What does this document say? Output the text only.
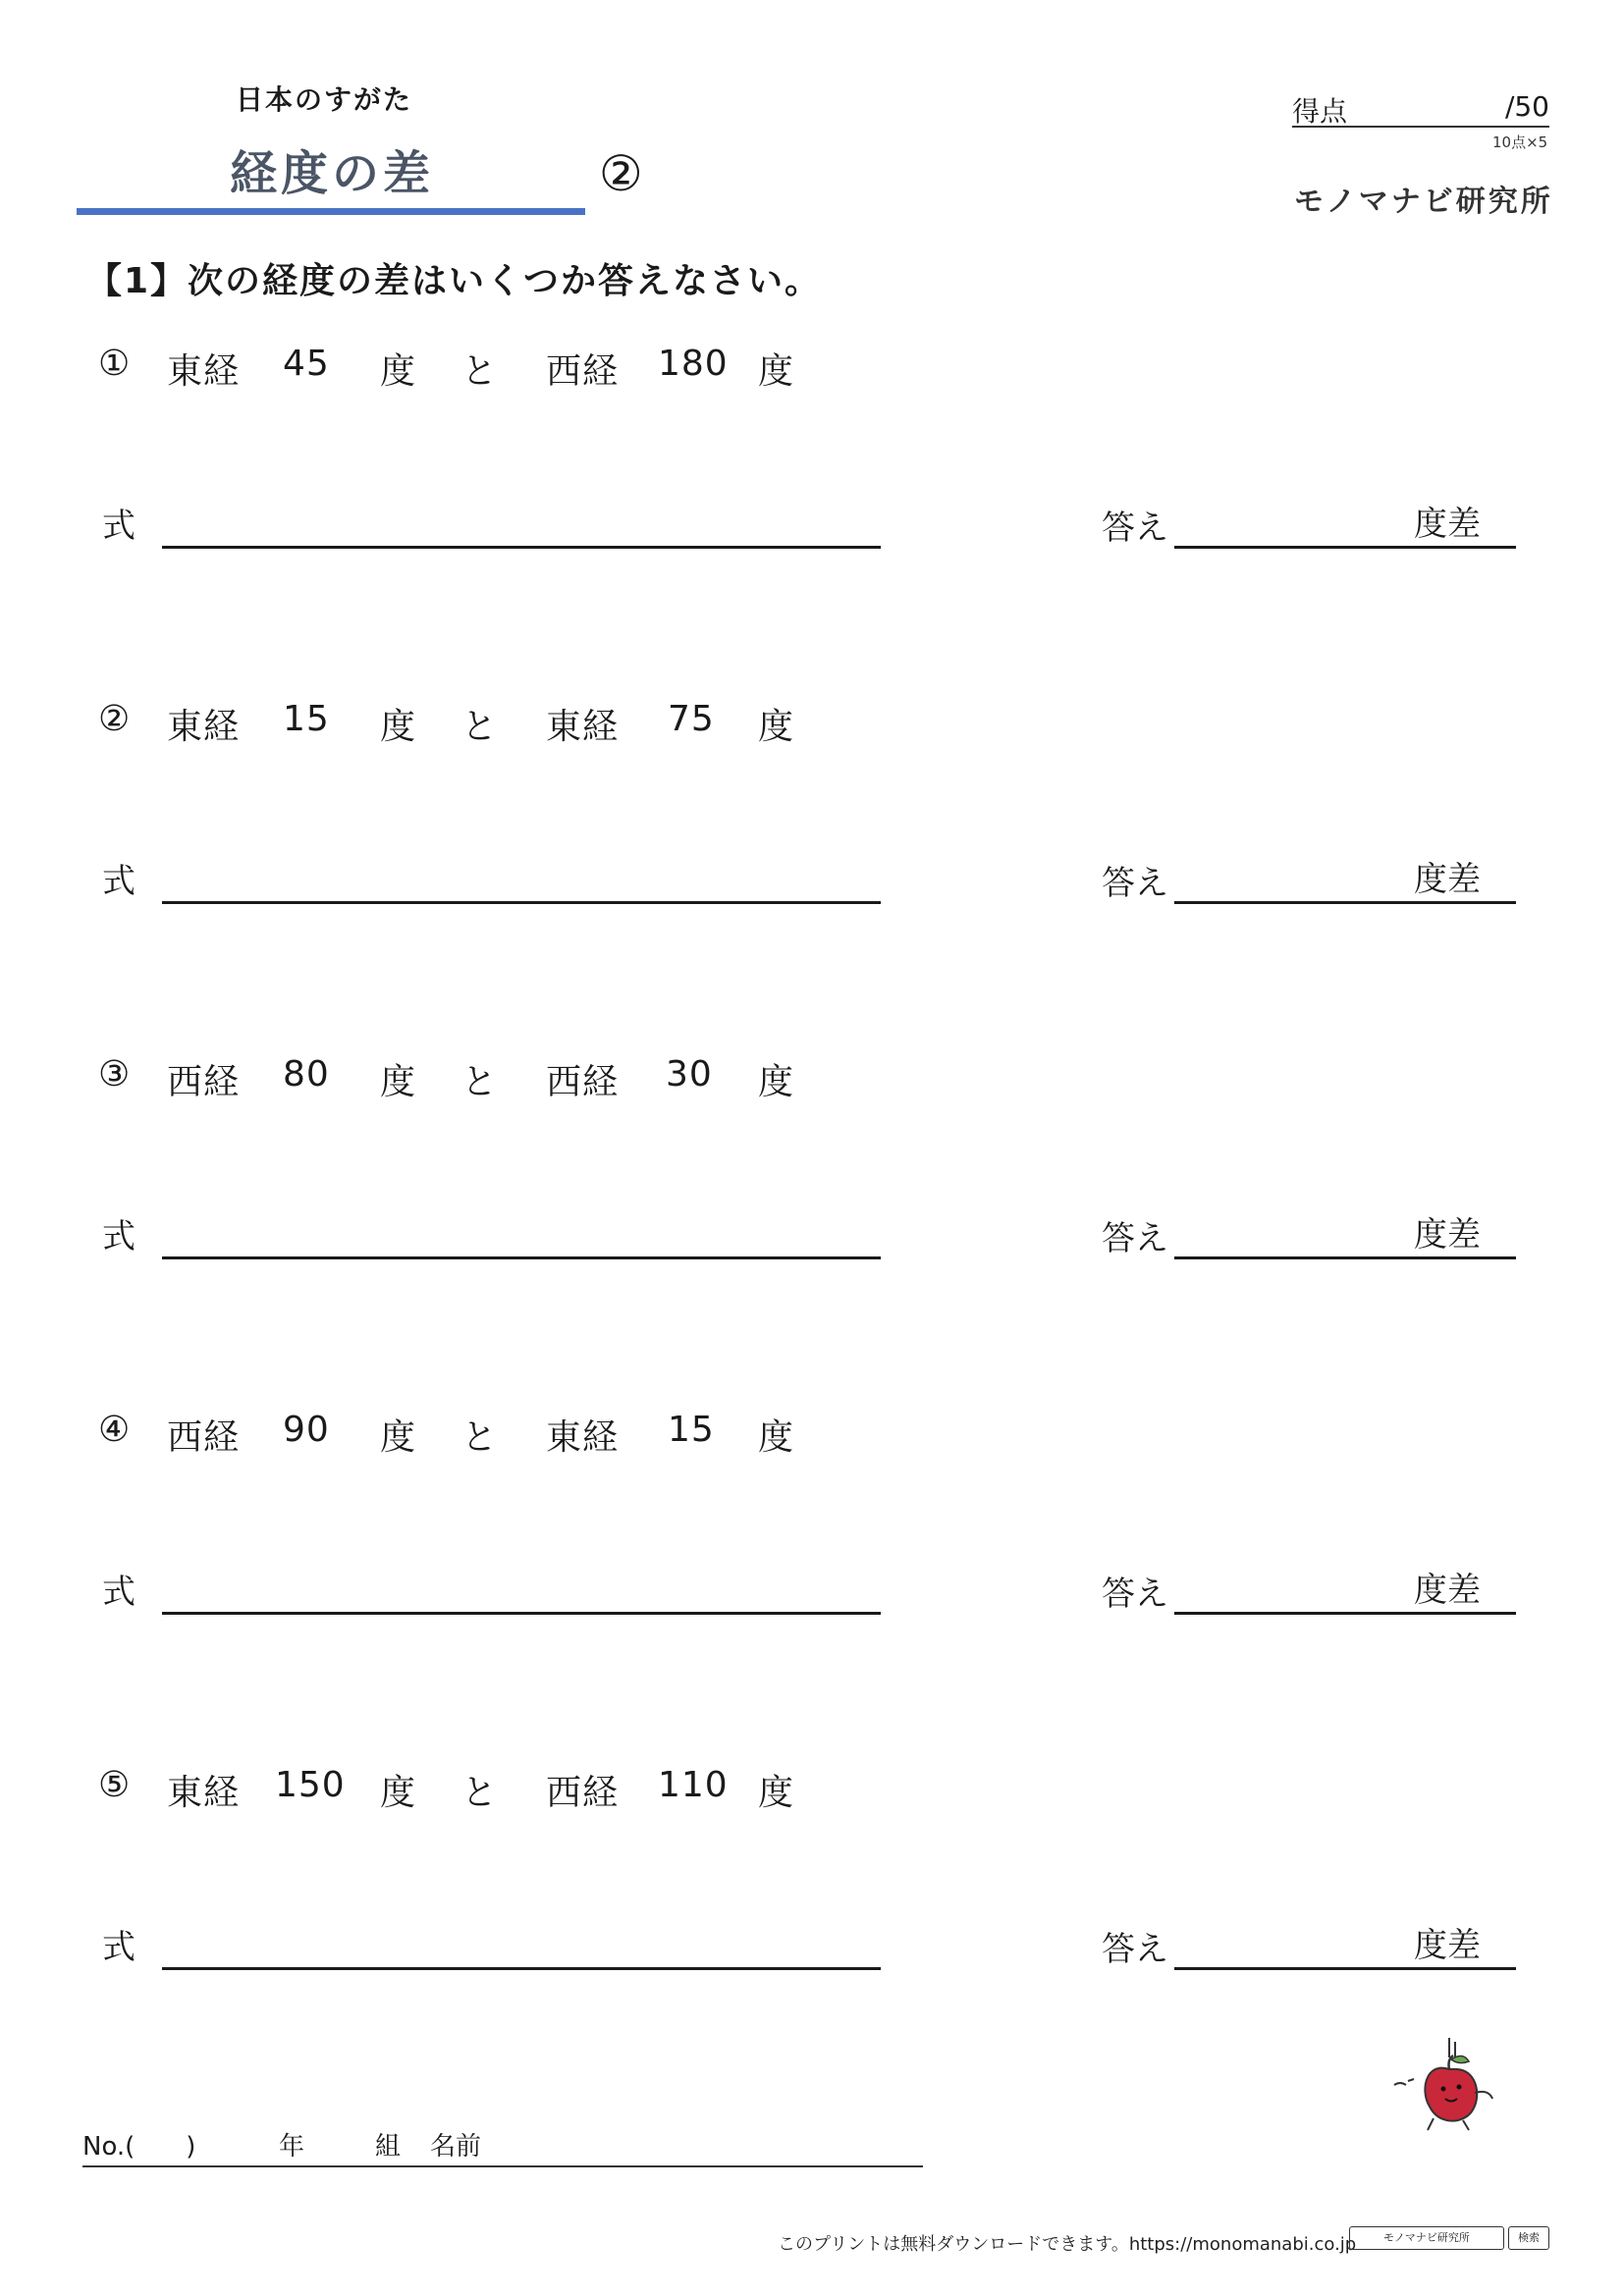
日本のすがた
経度の差	②
得点	/50
10点×5
モノマナビ研究所
【1】次の経度の差はいくつか答えなさい。
① 東経 45 度 と 西経 180 度
式	答え	度差
② 東経 15 度 と 東経 75 度
式	答え	度差
③ 西経 80 度 と 西経 30 度
式	答え	度差
④ 西経 90 度 と 東経 15 度
式	答え	度差
⑤ 東経 150 度 と 西経 110 度
式	答え	度差
No.(　　)	年	組 名前
このプリントは無料ダウンロードできます。https://monomanabi.co.jp	モノマナビ研究所	検索
